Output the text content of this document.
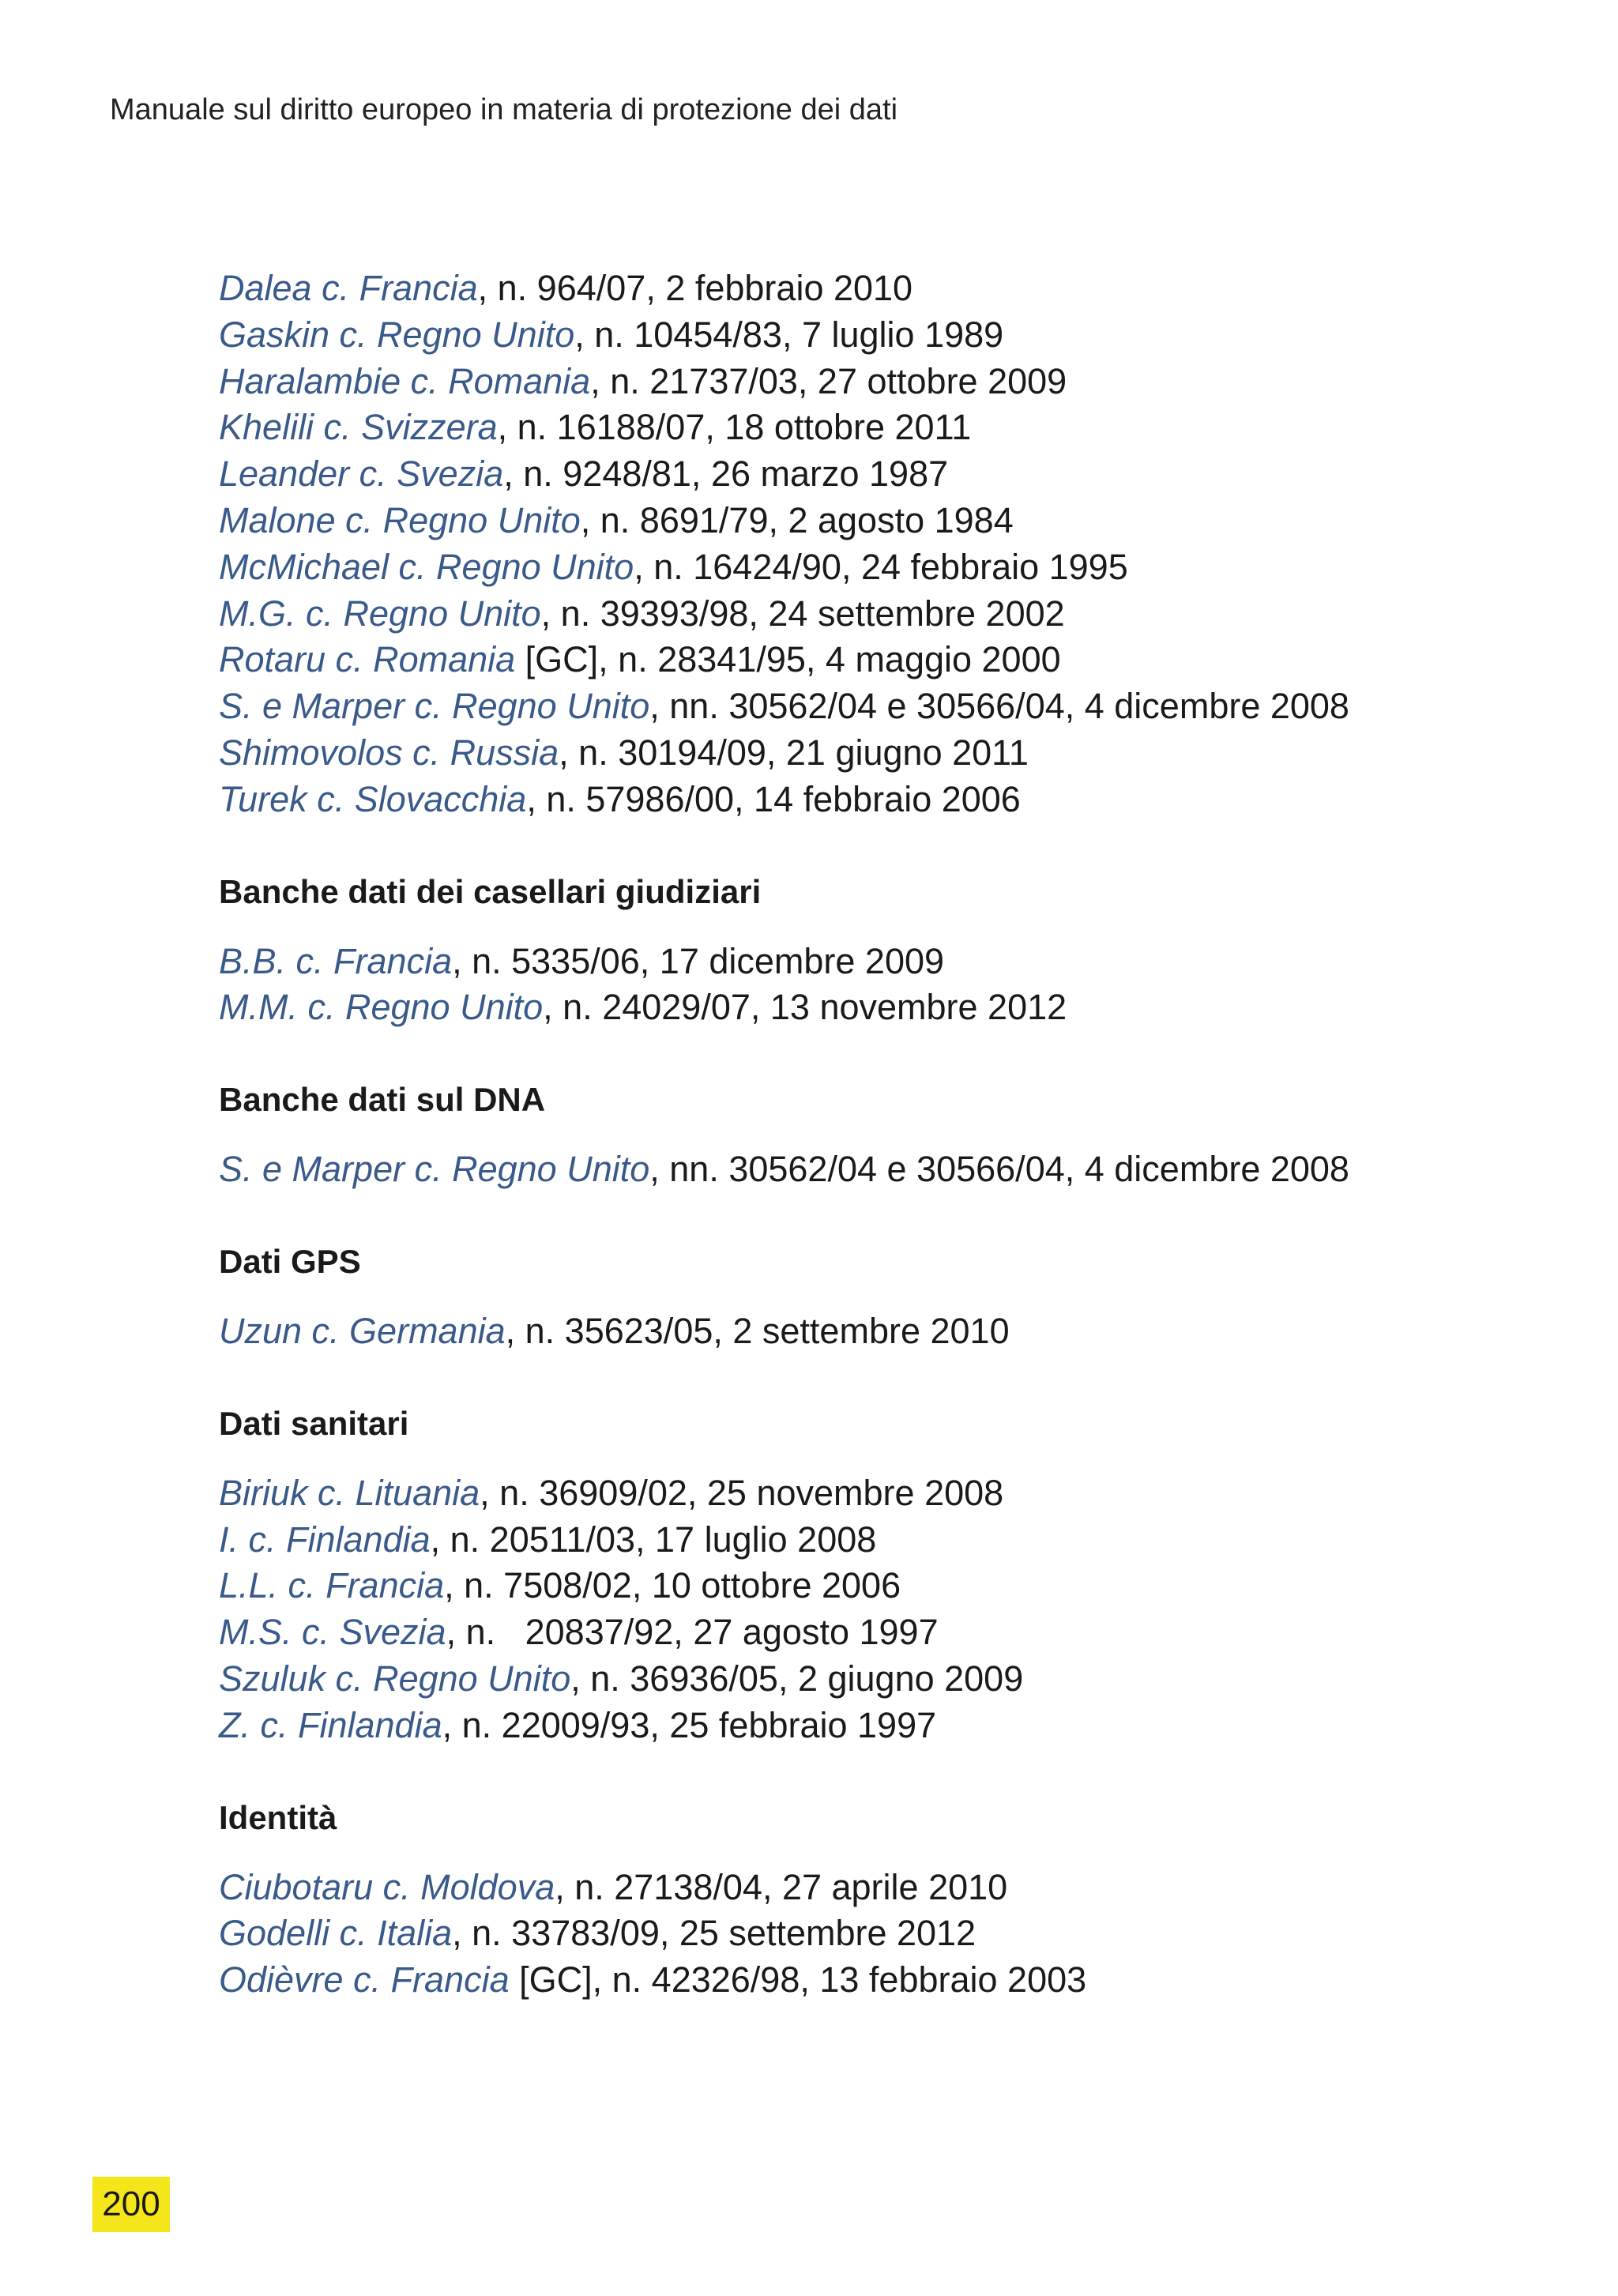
Manuale sul diritto europeo in materia di protezione dei dati
Dalea c. Francia, n. 964/07, 2 febbraio 2010
Gaskin c. Regno Unito, n. 10454/83, 7 luglio 1989
Haralambie c. Romania, n. 21737/03, 27 ottobre 2009
Khelili c. Svizzera, n. 16188/07, 18 ottobre 2011
Leander c. Svezia, n. 9248/81, 26 marzo 1987
Malone c. Regno Unito, n. 8691/79, 2 agosto 1984
McMichael c. Regno Unito, n. 16424/90, 24 febbraio 1995
M.G. c. Regno Unito, n. 39393/98, 24 settembre 2002
Rotaru c. Romania [GC], n. 28341/95, 4 maggio 2000
S. e Marper c. Regno Unito, nn. 30562/04 e 30566/04, 4 dicembre 2008
Shimovolos c. Russia, n. 30194/09, 21 giugno 2011
Turek c. Slovacchia, n. 57986/00, 14 febbraio 2006
Banche dati dei casellari giudiziari
B.B. c. Francia, n. 5335/06, 17 dicembre 2009
M.M. c. Regno Unito, n. 24029/07, 13 novembre 2012
Banche dati sul DNA
S. e Marper c. Regno Unito, nn. 30562/04 e 30566/04, 4 dicembre 2008
Dati GPS
Uzun c. Germania, n. 35623/05, 2 settembre 2010
Dati sanitari
Biriuk c. Lituania, n. 36909/02, 25 novembre 2008
I. c. Finlandia, n. 20511/03, 17 luglio 2008
L.L. c. Francia, n. 7508/02, 10 ottobre 2006
M.S. c. Svezia, n.   20837/92, 27 agosto 1997
Szuluk c. Regno Unito, n. 36936/05, 2 giugno 2009
Z. c. Finlandia, n. 22009/93, 25 febbraio 1997
Identità
Ciubotaru c. Moldova, n. 27138/04, 27 aprile 2010
Godelli c. Italia, n. 33783/09, 25 settembre 2012
Odièvre c. Francia [GC], n. 42326/98, 13 febbraio 2003
200
